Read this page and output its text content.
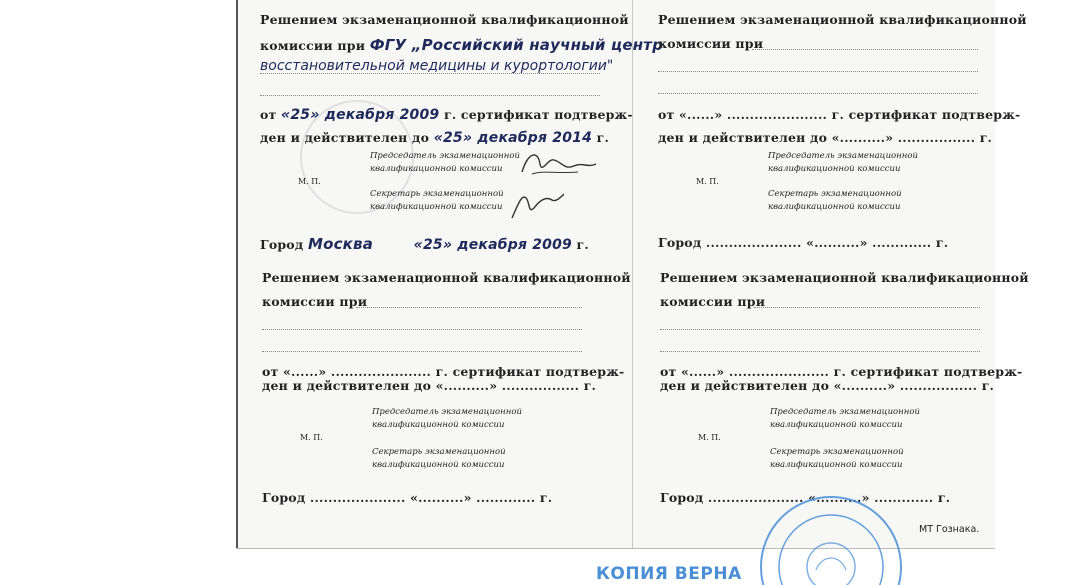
Решением экзаменационной квалификационной
комиссии при ФГУ „Российский научный центр
восстановительной медицины и курортологии"
от «25» декабря 2009 г. сертификат подтверж-
ден и действителен до «25» декабря 2014 г.
Председатель экзаменационной
квалификационной комиссии
М. П.
Секретарь экзаменационной
квалификационной комиссии
Город Москва	«25» декабря 2009 г.
Решением экзаменационной квалификационной
комиссии при
от «......» ...................... г. сертификат подтверж-
ден и действителен до «..........» ................. г.
Председатель экзаменационной
квалификационной комиссии
М. П.
Секретарь экзаменационной
квалификационной комиссии
Город ..................... «..........» ............. г.
Решением экзаменационной квалификационной
комиссии при
от «......» ...................... г. сертификат подтверж-
ден и действителен до «..........» ................. г.
Председатель экзаменационной
квалификационной комиссии
М. П.
Секретарь экзаменационной
квалификационной комиссии
Город ..................... «..........» ............. г.
Решением экзаменационной квалификационной
комиссии при
от «......» ...................... г. сертификат подтверж-
ден и действителен до «..........» ................. г.
Председатель экзаменационной
квалификационной комиссии
М. П.
Секретарь экзаменационной
квалификационной комиссии
Город ..................... «..........» ............. г.
МТ Гознака.
КОПИЯ ВЕРНА
